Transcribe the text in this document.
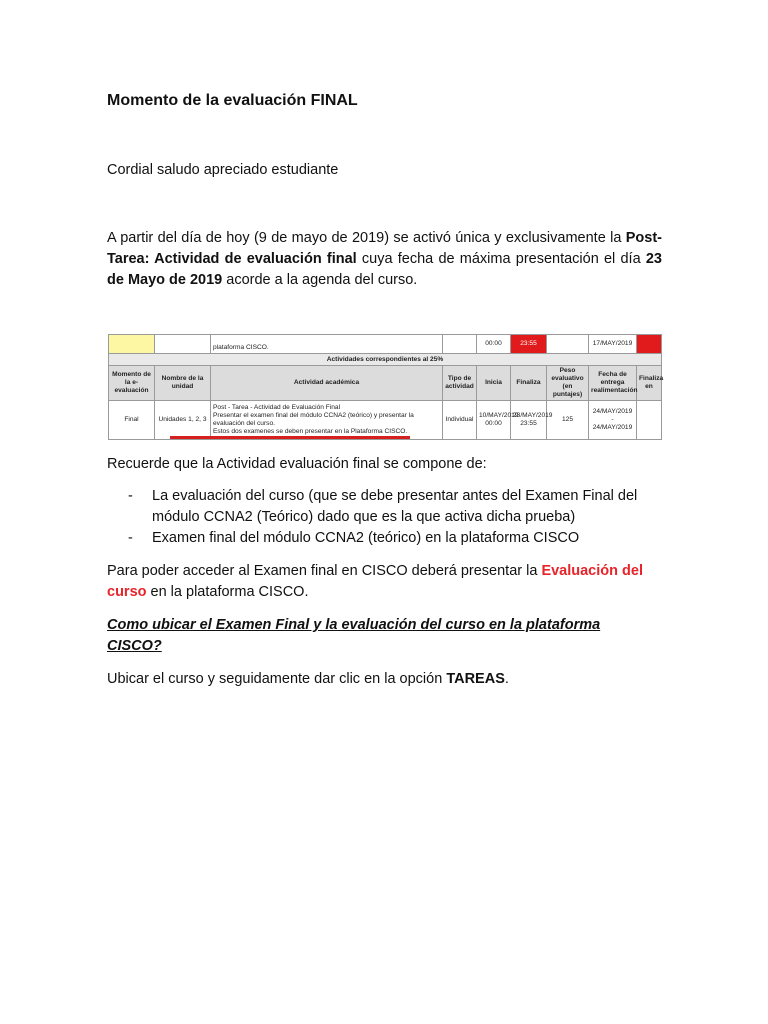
Momento de la evaluación FINAL
Cordial saludo apreciado estudiante
A partir del día de hoy (9 de mayo de 2019) se activó única y exclusivamente la Post-Tarea: Actividad de evaluación final cuya fecha de máxima presentación el día 23 de Mayo de 2019 acorde a la agenda del curso.
		plataforma CISCO.		00:00	23:55		17/MAY/2019	
Actividades correspondientes al 25%								
Momento de la e-evaluación	Nombre de la unidad	Actividad académica	Tipo de actividad	Inicia	Finaliza	Peso evaluativo (en puntajes)	Fecha de entrega realimentación	Finaliza en
Final	Unidades 1, 2, 3	Post - Tarea - Actividad de Evaluación Final
Presentar el examen final del módulo CCNA2 (teórico) y presentar la evaluación del curso.
Estos dos examenes se deben presentar en la Plataforma CISCO.	Individual	10/MAY/2019 00:00	23/MAY/2019 23:55	125	24/MAY/2019 - 24/MAY/2019	
Recuerde que la Actividad evaluación final se compone de:
- La evaluación del curso (que se debe presentar antes del Examen Final del módulo CCNA2 (Teórico) dado que es la que activa dicha prueba)
- Examen final del módulo CCNA2 (teórico) en la plataforma CISCO
Para poder acceder al Examen final en CISCO deberá presentar la Evaluación del curso en la plataforma CISCO.
Como ubicar el Examen Final y la evaluación del curso en la plataforma CISCO?
Ubicar el curso y seguidamente dar clic en la opción TAREAS.
